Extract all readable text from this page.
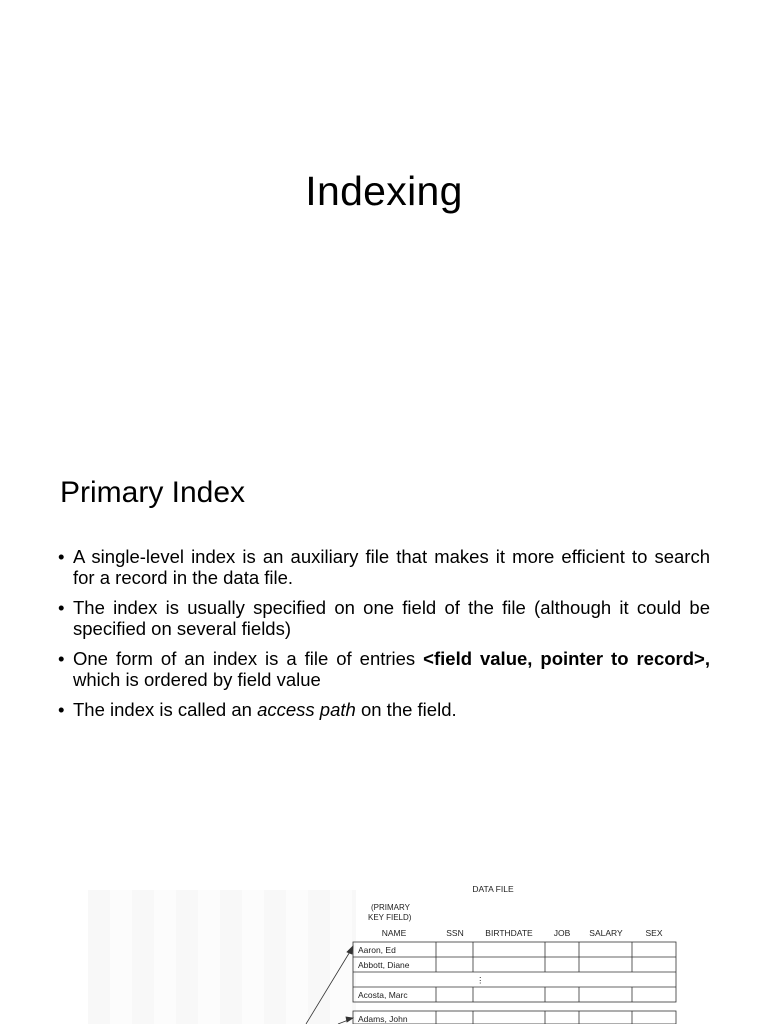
Indexing
Primary Index
• A single-level index is an auxiliary file that makes it more efficient to search for a record in the data file.
• The index is usually specified on one field of the file (although it could be specified on several fields)
• One form of an index is a file of entries <field value, pointer to record>, which is ordered by field value
• The index is called an access path on the field.
DATA FILE
(PRIMARY
KEY FIELD)
NAME	SSN	BIRTHDATE JOB SALARY	SEX
Aaron, Ed
Abbott, Diane
⋮
Acosta, Marc
Adams, John
